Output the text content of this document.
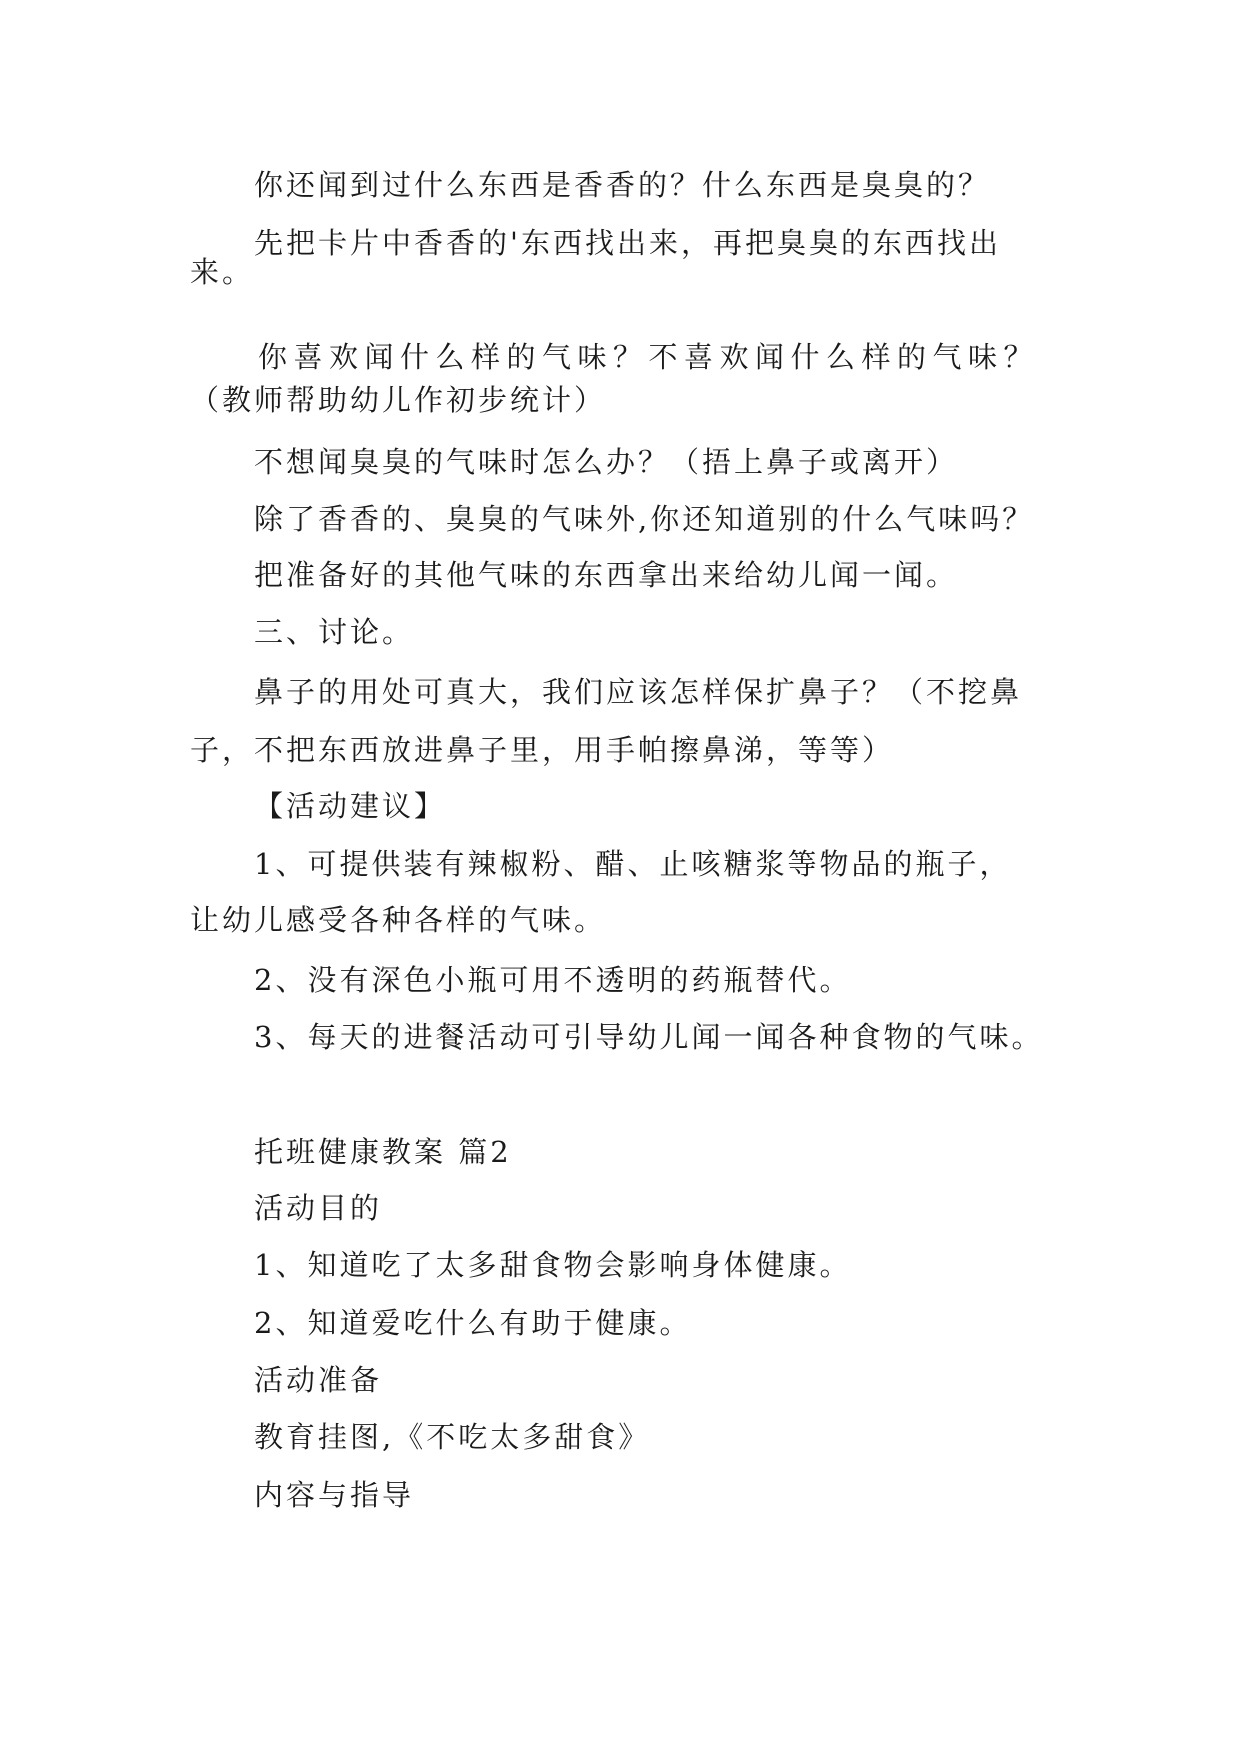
你还闻到过什么东西是香香的？什么东西是臭臭的？
先把卡片中香香的'东西找出来，再把臭臭的东西找出
来。
你喜欢闻什么样的气味？不喜欢闻什么样的气味？
（教师帮助幼儿作初步统计）
不想闻臭臭的气味时怎么办？（捂上鼻子或离开）
除了香香的、臭臭的气味外,你还知道别的什么气味吗？
把准备好的其他气味的东西拿出来给幼儿闻一闻。
三、讨论。
鼻子的用处可真大，我们应该怎样保扩鼻子？（不挖鼻
子，不把东西放进鼻子里，用手帕擦鼻涕，等等）
【活动建议】
1、可提供装有辣椒粉、醋、止咳糖浆等物品的瓶子，
让幼儿感受各种各样的气味。
2、没有深色小瓶可用不透明的药瓶替代。
3、每天的进餐活动可引导幼儿闻一闻各种食物的气味。
托班健康教案 篇2
活动目的
1、知道吃了太多甜食物会影响身体健康。
2、知道爱吃什么有助于健康。
活动准备
教育挂图,《不吃太多甜食》
内容与指导
